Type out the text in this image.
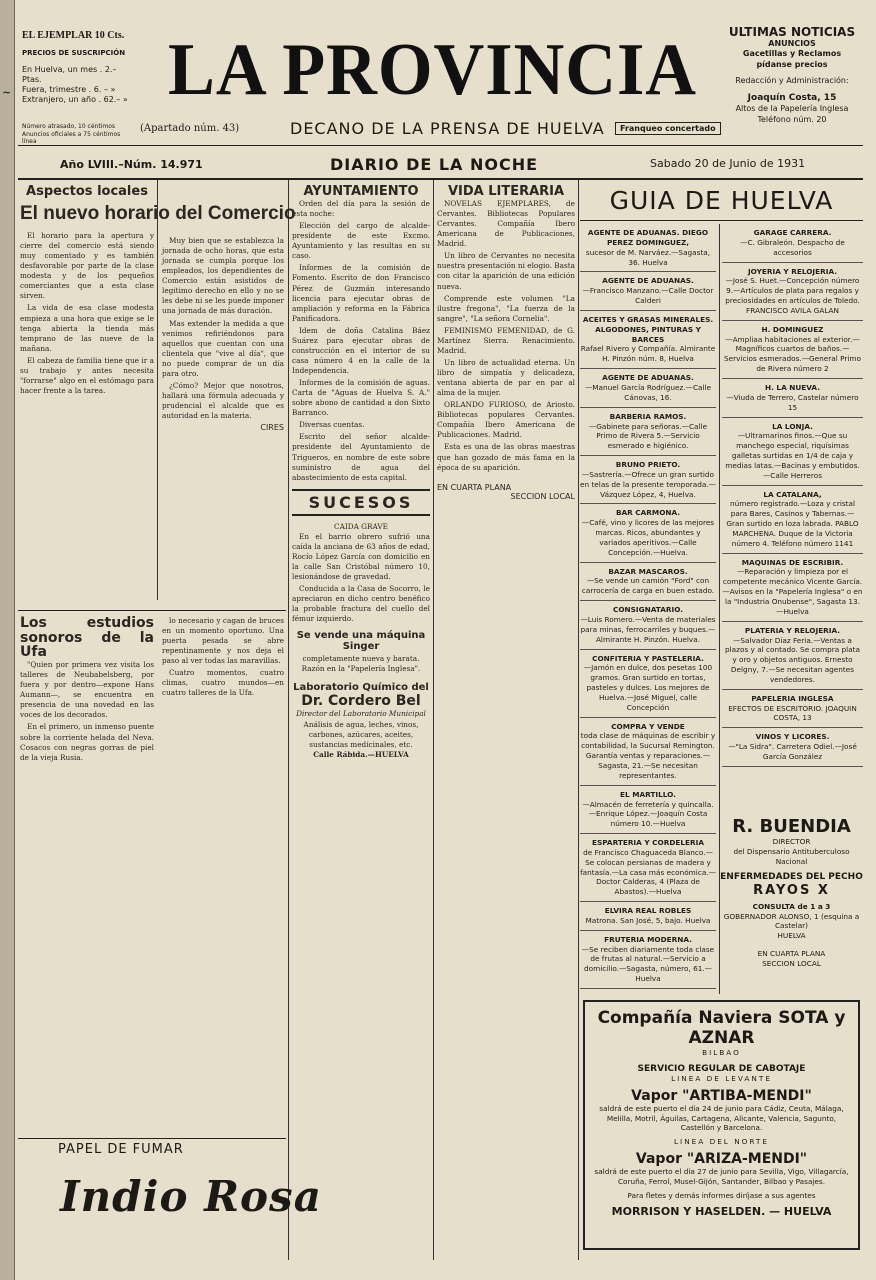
~
EL EJEMPLAR 10 Cts.
PRECIOS DE SUSCRIPCIÓN
En Huelva, un mes . 2.– Ptas.
Fuera, trimestre . 6. – »
Extranjero, un año . 62.– »
Número atrasado, 10 céntimos
Anuncios oficiales a 75 céntimos línea
LA PROVINCIA
(Apartado núm. 43)	DECANO DE LA PRENSA DE HUELVA	Franqueo concertado
ULTIMAS NOTICIAS
ANUNCIOS
Gacetillas y Reclamos
pídanse precios
Redacción y Administración:
Joaquín Costa, 15
Altos de la Papelería Inglesa
Teléfono núm. 20
Año LVIII.–Núm. 14.971	DIARIO DE LA NOCHE	Sabado 20 de Junio de 1931
Aspectos locales
El nuevo horario del Comercio

El horario para la apertura y cierre del comercio está siendo muy comentado y es también desfavorable por parte de la clase modesta y de los pequeños comerciantes que a esta clase sirven.

La vida de esa clase modesta empieza a una hora que exige se le tenga abierta la tienda más temprano de las nueve de la mañana.

El cabeza de familia tiene que ir a su trabajo y antes necesita "forrarse" algo en el estómago para hacer frente a la tarea.

Muy bien que se establezca la jornada de ocho horas, que esta jornada se cumpla porque los empleados, los dependientes de Comercio están asistidos de legitimo derecho en ello y no se les debe ni se les puede imponer una jornada de más duración.

Mas extender la medida a que venimos refiriéndonos para aquellos que cuentan con una clientela que "vive al día", que no puede comprar de un día para otro.

¿Cómo? Mejor que nosotros, hallará una fórmula adecuada y prudencial el alcalde que es autoridad en la materia.

CIRES
Los estudios sonoros de la Ufa

"Quien por primera vez visita los talleres de Neubabelsberg, por fuera y por dentro—expone Hans Aumann—, se encuentra en presencia de una novedad en las voces de los decorados.

En el primero, un inmenso puente sobre la corriente helada del Neva. Cosacos con negras gorras de piel de la vieja Rusia.

lo necesario y cagan de bruces en un momento oportuno. Una puerta pesada se abre repentinamente y nos deja el paso al ver todas las maravillas.

Cuatro momentos, cuatro climas, cuatro mundos—en cuatro talleres de la Ufa.

PAPEL DE FUMAR
Indio Rosa
AYUNTAMIENTO

Orden del día para la sesión de esta noche:

Elección del cargo de alcalde-presidente de este Excmo. Ayuntamiento y las resultas en su caso.

Informes de la comisión de Fomento. Escrito de don Francisco Pérez de Guzmán interesando licencia para ejecutar obras de ampliación y reforma en la Fábrica Panificadora.

Idem de doña Catalina Báez Suárez para ejecutar obras de construcción en el interior de su casa número 4 en la calle de la Independencia.

Informes de la comisión de aguas. Carta de "Aguas de Huelva S. A." sobre abono de cantidad a don Sixto Barranco.

Diversas cuentas.

Escrito del señor alcalde-presidente del Ayuntamiento de Trigueros, en nombre de este sobre suministro de agua del abastecimiento de esta capital.

SUCESOS
CAIDA GRAVE

En el barrio obrero sufrió una caída la anciana de 63 años de edad, Rocío López García con domicilio en la calle San Cristóbal número 10, lesionándose de gravedad.

Conducida a la Casa de Socorro, le apreciaron en dicho centro benéfico la probable fractura del cuello del fémur izquierdo.

Se vende una máquina Singer
completamente nueva y barata.
Razón en la "Papelería Inglesa".
Laboratorio Químico del
Dr. Cordero Bel
Director del Laboratorio Municipal
Análisis de agua, leches, vinos, carbones, azúcares, aceites, sustancias medicinales, etc.
Calle Rábida.—HUELVA
VIDA LITERARIA

NOVELAS EJEMPLARES, de Cervantes. Bibliotecas Populares Cervantes. Compañía Ibero Americana de Publicaciones, Madrid.

Un libro de Cervantes no necesita nuestra presentación ni elogio. Basta con citar la aparición de una edición nueva.

Comprende este volumen "La ilustre fregona", "La fuerza de la sangre", "La señora Cornelia".

FEMINISMO FEMENIDAD, de G. Martínez Sierra. Renacimiento. Madrid.

Un libro de actualidad eterna. Un libro de simpatía y delicadeza, ventana abierta de par en par al alma de la mujer.

ORLANDO FURIOSO, de Ariosto. Bibliotecas populares Cervantes. Compañía Ibero Americana de Publicaciones. Madrid.

Esta es una de las obras maestras que han gozado de más fama en la época de su aparición.

EN CUARTA PLANA
SECCION LOCAL
GUIA DE HUELVA
AGENTE DE ADUANAS. DIEGO PEREZ DOMINGUEZ,
sucesor de M. Narváez.—Sagasta, 36. Huelva
AGENTE DE ADUANAS.
—Francisco Manzano.—Calle Doctor Calderi
ACEITES Y GRASAS MINERALES. ALGODONES, PINTURAS Y BARCES
Rafael Rivero y Compañía. Almirante H. Pinzón núm. 8, Huelva
AGENTE DE ADUANAS.
—Manuel García Rodríguez.—Calle Cánovas, 16.
BARBERIA RAMOS.
—Gabinete para señoras.—Calle Primo de Rivera 5.—Servicio esmerado e higiénico.
BRUNO PRIETO.
—Sastrería.—Ofrece un gran surtido en telas de la presente temporada.—Vázquez López, 4, Huelva.
BAR CARMONA.
—Café, vino y licores de las mejores marcas. Ricos, abundantes y variados aperitivos.—Calle Concepción.—Huelva.
BAZAR MASCAROS.
—Se vende un camión "Ford" con carrocería de carga en buen estado.
CONSIGNATARIO.
—Luis Romero.—Venta de materiales para minas, ferrocarriles y buques.—Almirante H. Pinzón. Huelva.
CONFITERIA Y PASTELERIA.
—Jamón en dulce, dos pesetas 100 gramos. Gran surtido en tortas, pasteles y dulces. Los mejores de Huelva.—José Miguel, calle Concepción
COMPRA Y VENDE
toda clase de máquinas de escribir y contabilidad, la Sucursal Remington. Garantía ventas y reparaciones.—Sagasta, 21.—Se necesitan representantes.
EL MARTILLO.
—Almacén de ferretería y quincalla.—Enrique López.—Joaquín Costa número 10.—Huelva
ESPARTERIA Y CORDELERIA
de Francisco Chaguaceda Blanco.—Se colocan persianas de madera y fantasía.—La casa más económica.—Doctor Calderas, 4 (Plaza de Abastos).—Huelva
ELVIRA REAL ROBLES
Matrona. San José, 5, bajo. Huelva
FRUTERIA MODERNA.
—Se reciben diariamente toda clase de frutas al natural.—Servicio a domicilio.—Sagasta, número, 61.—Huelva
GARAGE CARRERA.
—C. Gibraleón. Despacho de accesorios
JOYERIA Y RELOJERIA.
—José S. Huet.—Concepción número 9.—Artículos de plata para regalos y preciosidades en artículos de Toledo. FRANCISCO AVILA GALAN
H. DOMINGUEZ
—Ampliaa habitaciones al exterior.—Magníficos cuartos de baños.—Servicios esmerados.—General Primo de Rivera número 2
H. LA NUEVA.
—Viuda de Terrero, Castelar número 15
LA LONJA.
—Ultramarinos finos.—Que su manchego especial, riquísimas galletas surtidas en 1/4 de caja y medias latas.—Bacinas y embutidos.—Calle Herreros
LA CATALANA,
número registrado.—Loza y cristal para Bares, Casinos y Tabernas.—Gran surtido en loza labrada. PABLO MARCHENA. Duque de la Victoria número 4. Teléfono número 1141
MAQUINAS DE ESCRIBIR.
—Reparación y limpieza por el competente mecánico Vicente García.—Avisos en la "Papelería Inglesa" o en la "Industria Onubense", Sagasta 13.—Huelva
PLATERIA Y RELOJERIA.
—Salvador Díaz Feria.—Ventas a plazos y al contado. Se compra plata y oro y objetos antiguos. Ernesto Delgny, 7.—Se necesitan agentes vendedores.
PAPELERIA INGLESA
EFECTOS DE ESCRITORIO. JOAQUIN COSTA, 13
VINOS Y LICORES.
—"La Sidra". Carretera Odiel.—José García González
R. BUENDIA
DIRECTOR
del Dispensario Antituberculoso Nacional
ENFERMEDADES DEL PECHO
RAYOS X
CONSULTA de 1 a 3
GOBERNADOR ALONSO, 1 (esquina a Castelar)
HUELVA
EN CUARTA PLANA
SECCION LOCAL
Compañía Naviera SOTA y AZNAR
BILBAO
SERVICIO REGULAR DE CABOTAJE
LINEA DE LEVANTE
Vapor "ARTIBA-MENDI"
saldrá de este puerto el día 24 de junio para Cádiz, Ceuta, Málaga, Melilla, Motril, Águilas, Cartagena, Alicante, Valencia, Sagunto, Castellón y Barcelona.
LINEA DEL NORTE
Vapor "ARIZA-MENDI"
saldrá de este puerto el día 27 de junio para Sevilla, Vigo, Villagarcía, Coruña, Ferrol, Musel-Gijón, Santander, Bilbao y Pasajes.
Para fletes y demás informes diríjase a sus agentes
MORRISON Y HASELDEN. — HUELVA
